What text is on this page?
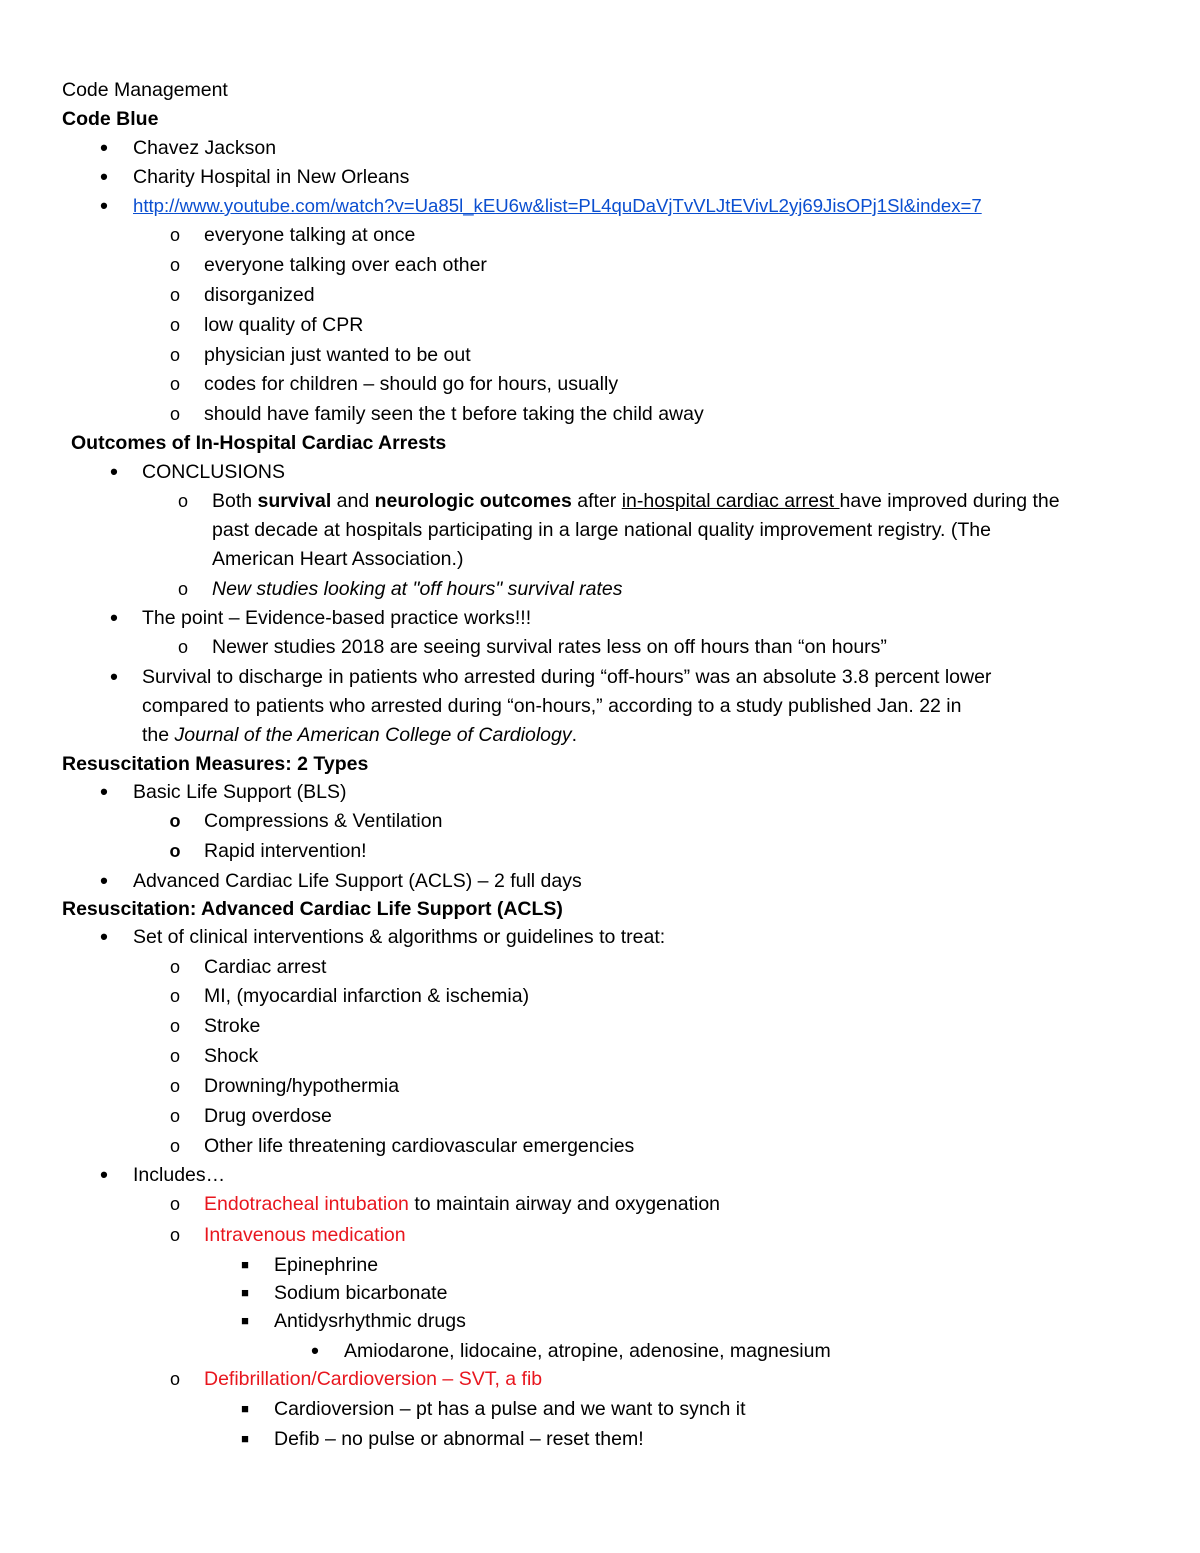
Code Management
Code Blue
•	Chavez Jackson
•	Charity Hospital in New Orleans
•	http://www.youtube.com/watch?v=Ua85l_kEU6w&list=PL4quDaVjTvVLJtEVivL2yj69JisOPj1Sl&index=7
o everyone talking at once
o everyone talking over each other
o disorganized
o low quality of CPR
o physician just wanted to be out
o codes for children – should go for hours, usually
o should have family seen the t before taking the child away
Outcomes of In-Hospital Cardiac Arrests
•	CONCLUSIONS
o Both survival and neurologic outcomes after in-hospital cardiac arrest have improved during the
past decade at hospitals participating in a large national quality improvement registry. (The
American Heart Association.)
o New studies looking at "off hours" survival rates
•	The point – Evidence-based practice works!!!
o Newer studies 2018 are seeing survival rates less on off hours than “on hours”
•	Survival to discharge in patients who arrested during “off-hours” was an absolute 3.8 percent lower
compared to patients who arrested during “on-hours,” according to a study published Jan. 22 in
the Journal of the American College of Cardiology.
Resuscitation Measures: 2 Types
•	Basic Life Support (BLS)
o Compressions & Ventilation
o Rapid intervention!
•	Advanced Cardiac Life Support (ACLS) – 2 full days
Resuscitation: Advanced Cardiac Life Support (ACLS)
•	Set of clinical interventions & algorithms or guidelines to treat:
o Cardiac arrest
o MI, (myocardial infarction & ischemia)
o Stroke
o Shock
o Drowning/hypothermia
o Drug overdose
o Other life threatening cardiovascular emergencies
•	Includes…
o Endotracheal intubation to maintain airway and oxygenation
o Intravenous medication
■	Epinephrine
■	Sodium bicarbonate
■	Antidysrhythmic drugs
•	Amiodarone, lidocaine, atropine, adenosine, magnesium
o Defibrillation/Cardioversion – SVT, a fib
■	Cardioversion – pt has a pulse and we want to synch it
■	Defib – no pulse or abnormal – reset them!
